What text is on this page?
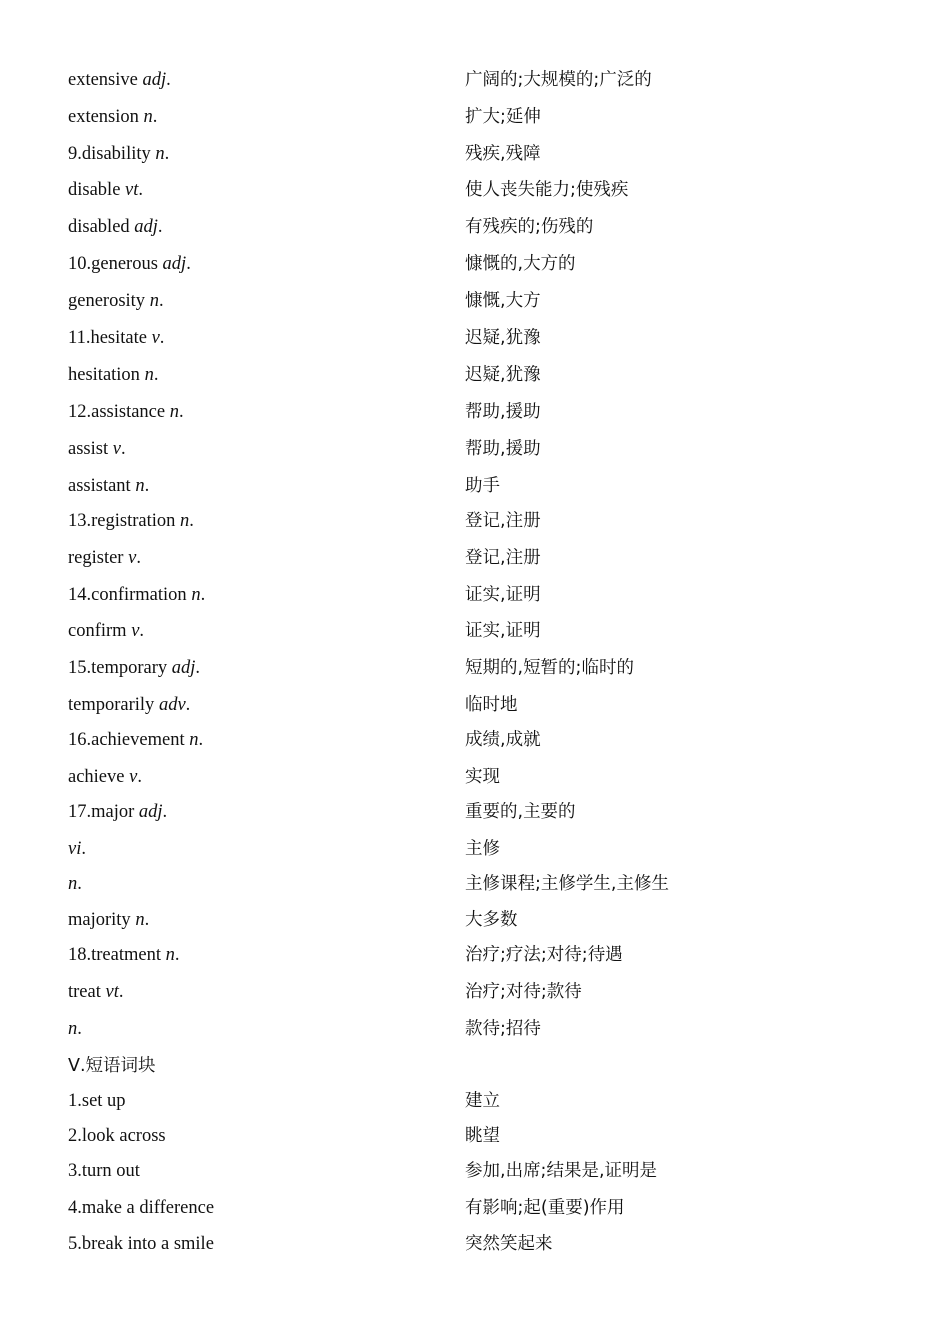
extensive adj.	广阔的;大规模的;广泛的
extension n.	扩大;延伸
9.disability n.	残疾,残障
disable vt.	使人丧失能力;使残疾
disabled adj.	有残疾的;伤残的
10.generous adj.	慷慨的,大方的
generosity n.	慷慨,大方
11.hesitate v.	迟疑,犹豫
hesitation n.	迟疑,犹豫
12.assistance n.	帮助,援助
assist v.	帮助,援助
assistant n.	助手
13.registration n.	登记,注册
register v.	登记,注册
14.confirmation n.	证实,证明
confirm v.	证实,证明
15.temporary adj.	短期的,短暂的;临时的
temporarily adv.	临时地
16.achievement n.	成绩,成就
achieve v.	实现
17.major adj.	重要的,主要的
vi.	主修
n.	主修课程;主修学生,主修生
majority n.	大多数
18.treatment n.	治疗;疗法;对待;待遇
treat vt.	治疗;对待;款待
n.	款待;招待
Ⅴ.短语词块
1.set up	建立
2.look across	眺望
3.turn out	参加,出席;结果是,证明是
4.make a difference	有影响;起(重要)作用
5.break into a smile	突然笑起来
